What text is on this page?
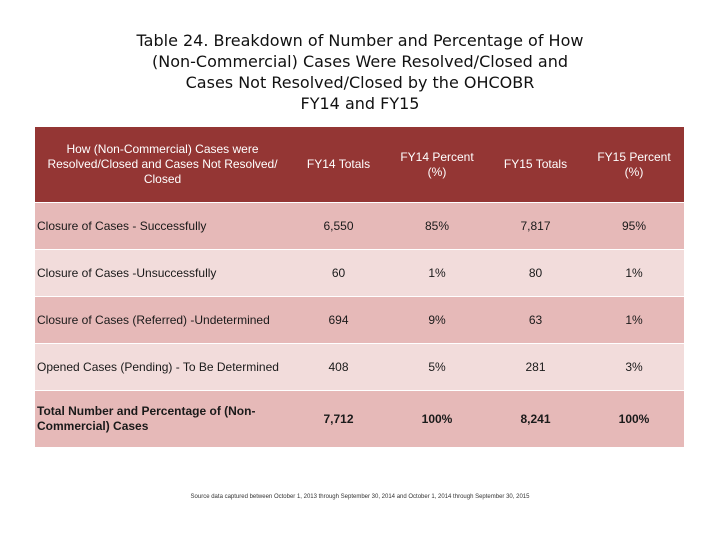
Table 24. Breakdown of Number and Percentage of How
(Non-Commercial) Cases Were Resolved/Closed and
Cases Not Resolved/Closed by the OHCOBR
FY14 and FY15
How (Non-Commercial) Cases were Resolved/Closed and Cases Not Resolved/ Closed	FY14 Totals	FY14 Percent (%)	FY15 Totals	FY15 Percent (%)

Closure of Cases - Successfully	6,550	85%	7,817	95%
Closure of Cases -Unsuccessfully	60	1%	80	1%
Closure of Cases (Referred) -Undetermined	694	9%	63	1%
Opened Cases (Pending) - To Be Determined	408	5%	281	3%
Total Number and Percentage of (Non-Commercial) Cases	7,712	100%	8,241	100%
Source data captured between October 1, 2013 through September 30, 2014 and October 1, 2014 through September 30, 2015
